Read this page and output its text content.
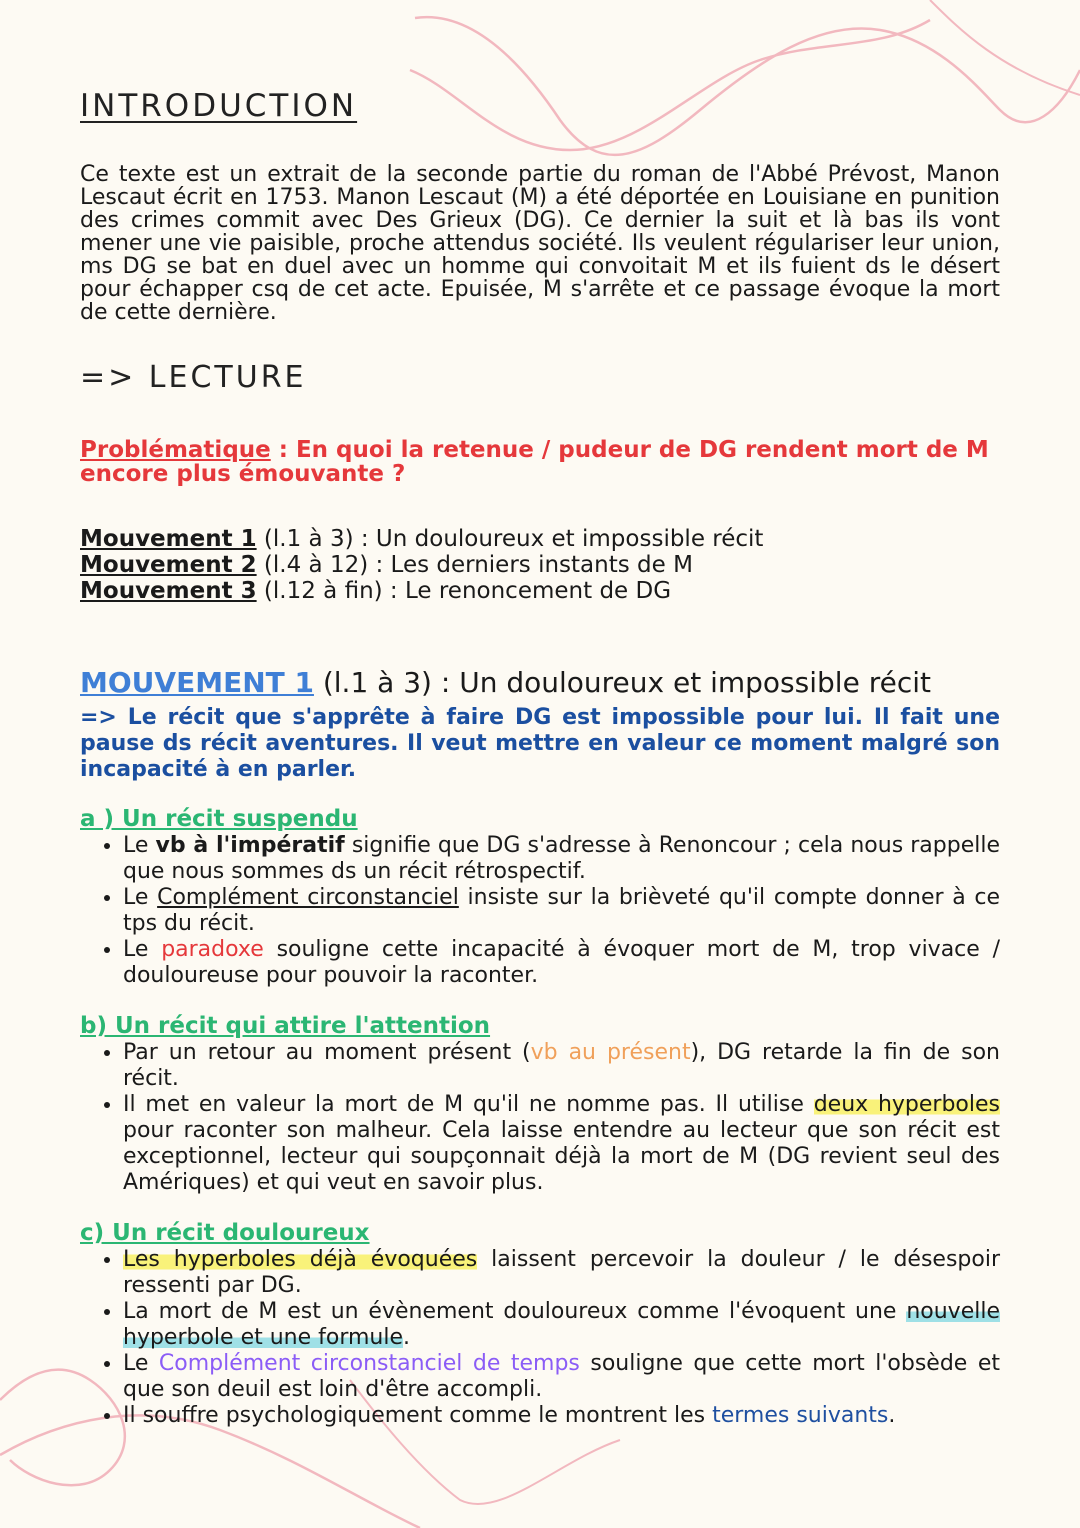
INTRODUCTION
Ce texte est un extrait de la seconde partie du roman de l'Abbé Prévost, Manon Lescaut écrit en 1753. Manon Lescaut (M) a été déportée en Louisiane en punition des crimes commit avec Des Grieux (DG). Ce dernier la suit et là bas ils vont mener une vie paisible, proche attendus société. Ils veulent régulariser leur union, ms DG se bat en duel avec un homme qui convoitait M et ils fuient ds le désert pour échapper csq de cet acte. Epuisée, M s'arrête et ce passage évoque la mort de cette dernière.
=> LECTURE
Problématique : En quoi la retenue / pudeur de DG rendent mort de M encore plus émouvante ?
Mouvement 1 (l.1 à 3) : Un douloureux et impossible récit
Mouvement 2 (l.4 à 12) : Les derniers instants de M
Mouvement 3 (l.12 à fin) : Le renoncement de DG
MOUVEMENT 1 (l.1 à 3) : Un douloureux et impossible récit
=> Le récit que s'apprête à faire DG est impossible pour lui. Il fait une pause ds récit aventures. Il veut mettre en valeur ce moment malgré son incapacité à en parler.
a ) Un récit suspendu
• Le vb à l'impératif signifie que DG s'adresse à Renoncour ; cela nous rappelle que nous sommes ds un récit rétrospectif.
• Le Complément circonstanciel insiste sur la brièveté qu'il compte donner à ce tps du récit.
• Le paradoxe souligne cette incapacité à évoquer mort de M, trop vivace / douloureuse pour pouvoir la raconter.
b) Un récit qui attire l'attention
• Par un retour au moment présent (vb au présent), DG retarde la fin de son récit.
• Il met en valeur la mort de M qu'il ne nomme pas. Il utilise deux hyperboles pour raconter son malheur. Cela laisse entendre au lecteur que son récit est exceptionnel, lecteur qui soupçonnait déjà la mort de M (DG revient seul des Amériques) et qui veut en savoir plus.
c) Un récit douloureux
• Les hyperboles déjà évoquées laissent percevoir la douleur / le désespoir ressenti par DG.
• La mort de M est un évènement douloureux comme l'évoquent une nouvelle hyperbole et une formule.
• Le Complément circonstanciel de temps souligne que cette mort l'obsède et que son deuil est loin d'être accompli.
• Il souffre psychologiquement comme le montrent les termes suivants.
